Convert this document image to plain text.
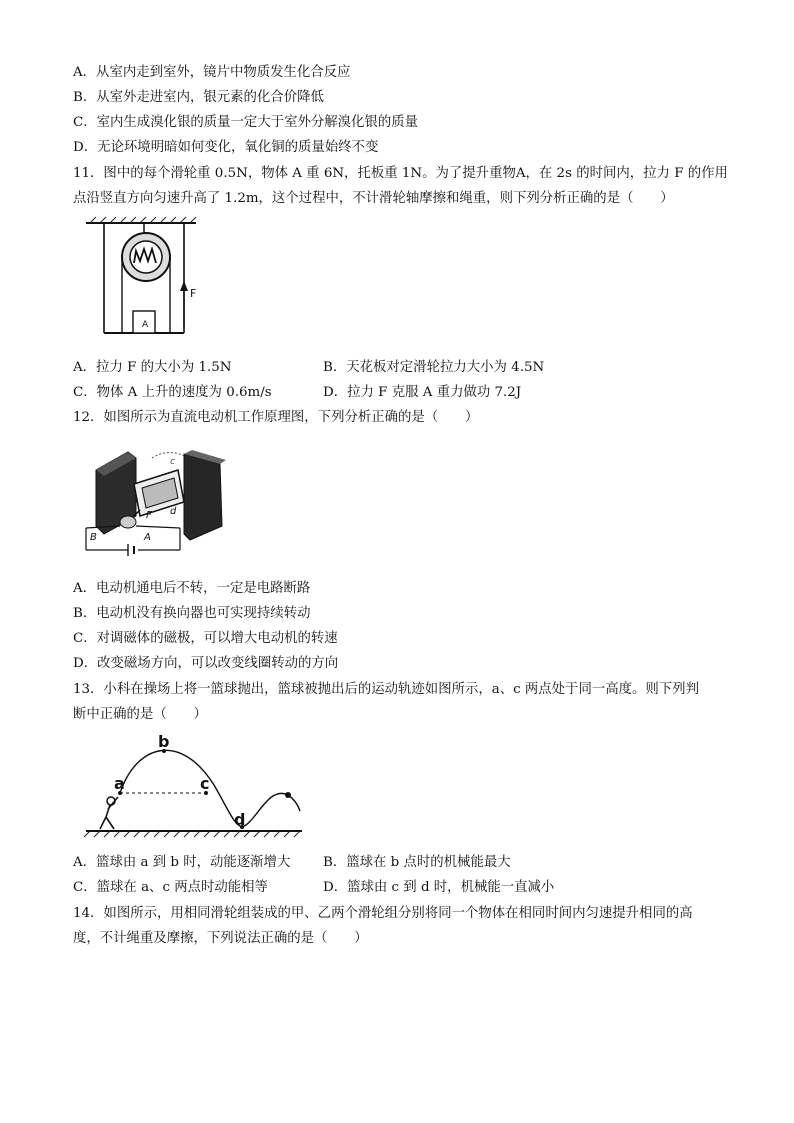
A．从室内走到室外，镜片中物质发生化合反应
B．从室外走进室内，银元素的化合价降低
C．室内生成溴化银的质量一定大于室外分解溴化银的质量
D．无论环境明暗如何变化，氧化铜的质量始终不变
11．图中的每个滑轮重 0.5N，物体 A 重 6N，托板重 1N。为了提升重物A，在 2s 的时间内，拉力 F 的作用
点沿竖直方向匀速升高了 1.2m，这个过程中，不计滑轮轴摩擦和绳重，则下列分析正确的是（　　）
A
F
A．拉力 F 的大小为 1.5N	B．天花板对定滑轮拉力大小为 4.5N
C．物体 A 上升的速度为 0.6m/s	D．拉力 F 克服 A 重力做功 7.2J
12．如图所示为直流电动机工作原理图，下列分析正确的是（　　）
b
c
d
F
B	A
A．电动机通电后不转，一定是电路断路
B．电动机没有换向器也可实现持续转动
C．对调磁体的磁极，可以增大电动机的转速
D．改变磁场方向，可以改变线圈转动的方向
13．小科在操场上将一篮球抛出，篮球被抛出后的运动轨迹如图所示，a、c 两点处于同一高度。则下列判
断中正确的是（　　）
a
b
c
d
A．篮球由 a 到 b 时，动能逐渐增大 B．篮球在 b 点时的机械能最大
C．篮球在 a、c 两点时动能相等	D．篮球由 c 到 d 时，机械能一直减小
14．如图所示，用相同滑轮组装成的甲、乙两个滑轮组分别将同一个物体在相同时间内匀速提升相同的高
度，不计绳重及摩擦，下列说法正确的是（　　）
